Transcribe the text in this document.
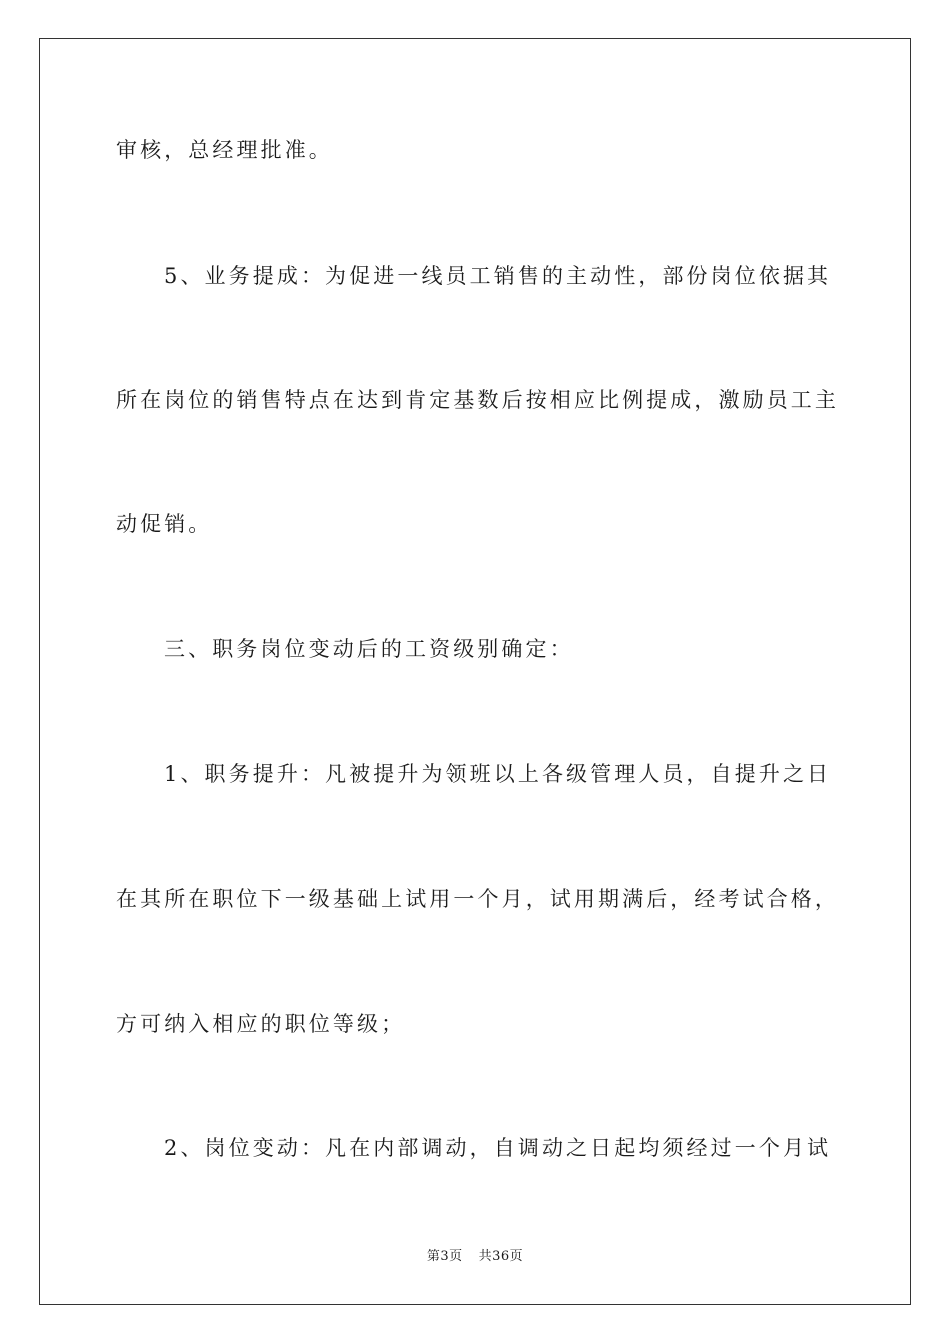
审核，总经理批准。
5、业务提成：为促进一线员工销售的主动性，部份岗位依据其
所在岗位的销售特点在达到肯定基数后按相应比例提成，激励员工主
动促销。
三、职务岗位变动后的工资级别确定：
1、职务提升：凡被提升为领班以上各级管理人员，自提升之日
在其所在职位下一级基础上试用一个月，试用期满后，经考试合格，
方可纳入相应的职位等级；
2、岗位变动：凡在内部调动，自调动之日起均须经过一个月试
第3页 共36页
